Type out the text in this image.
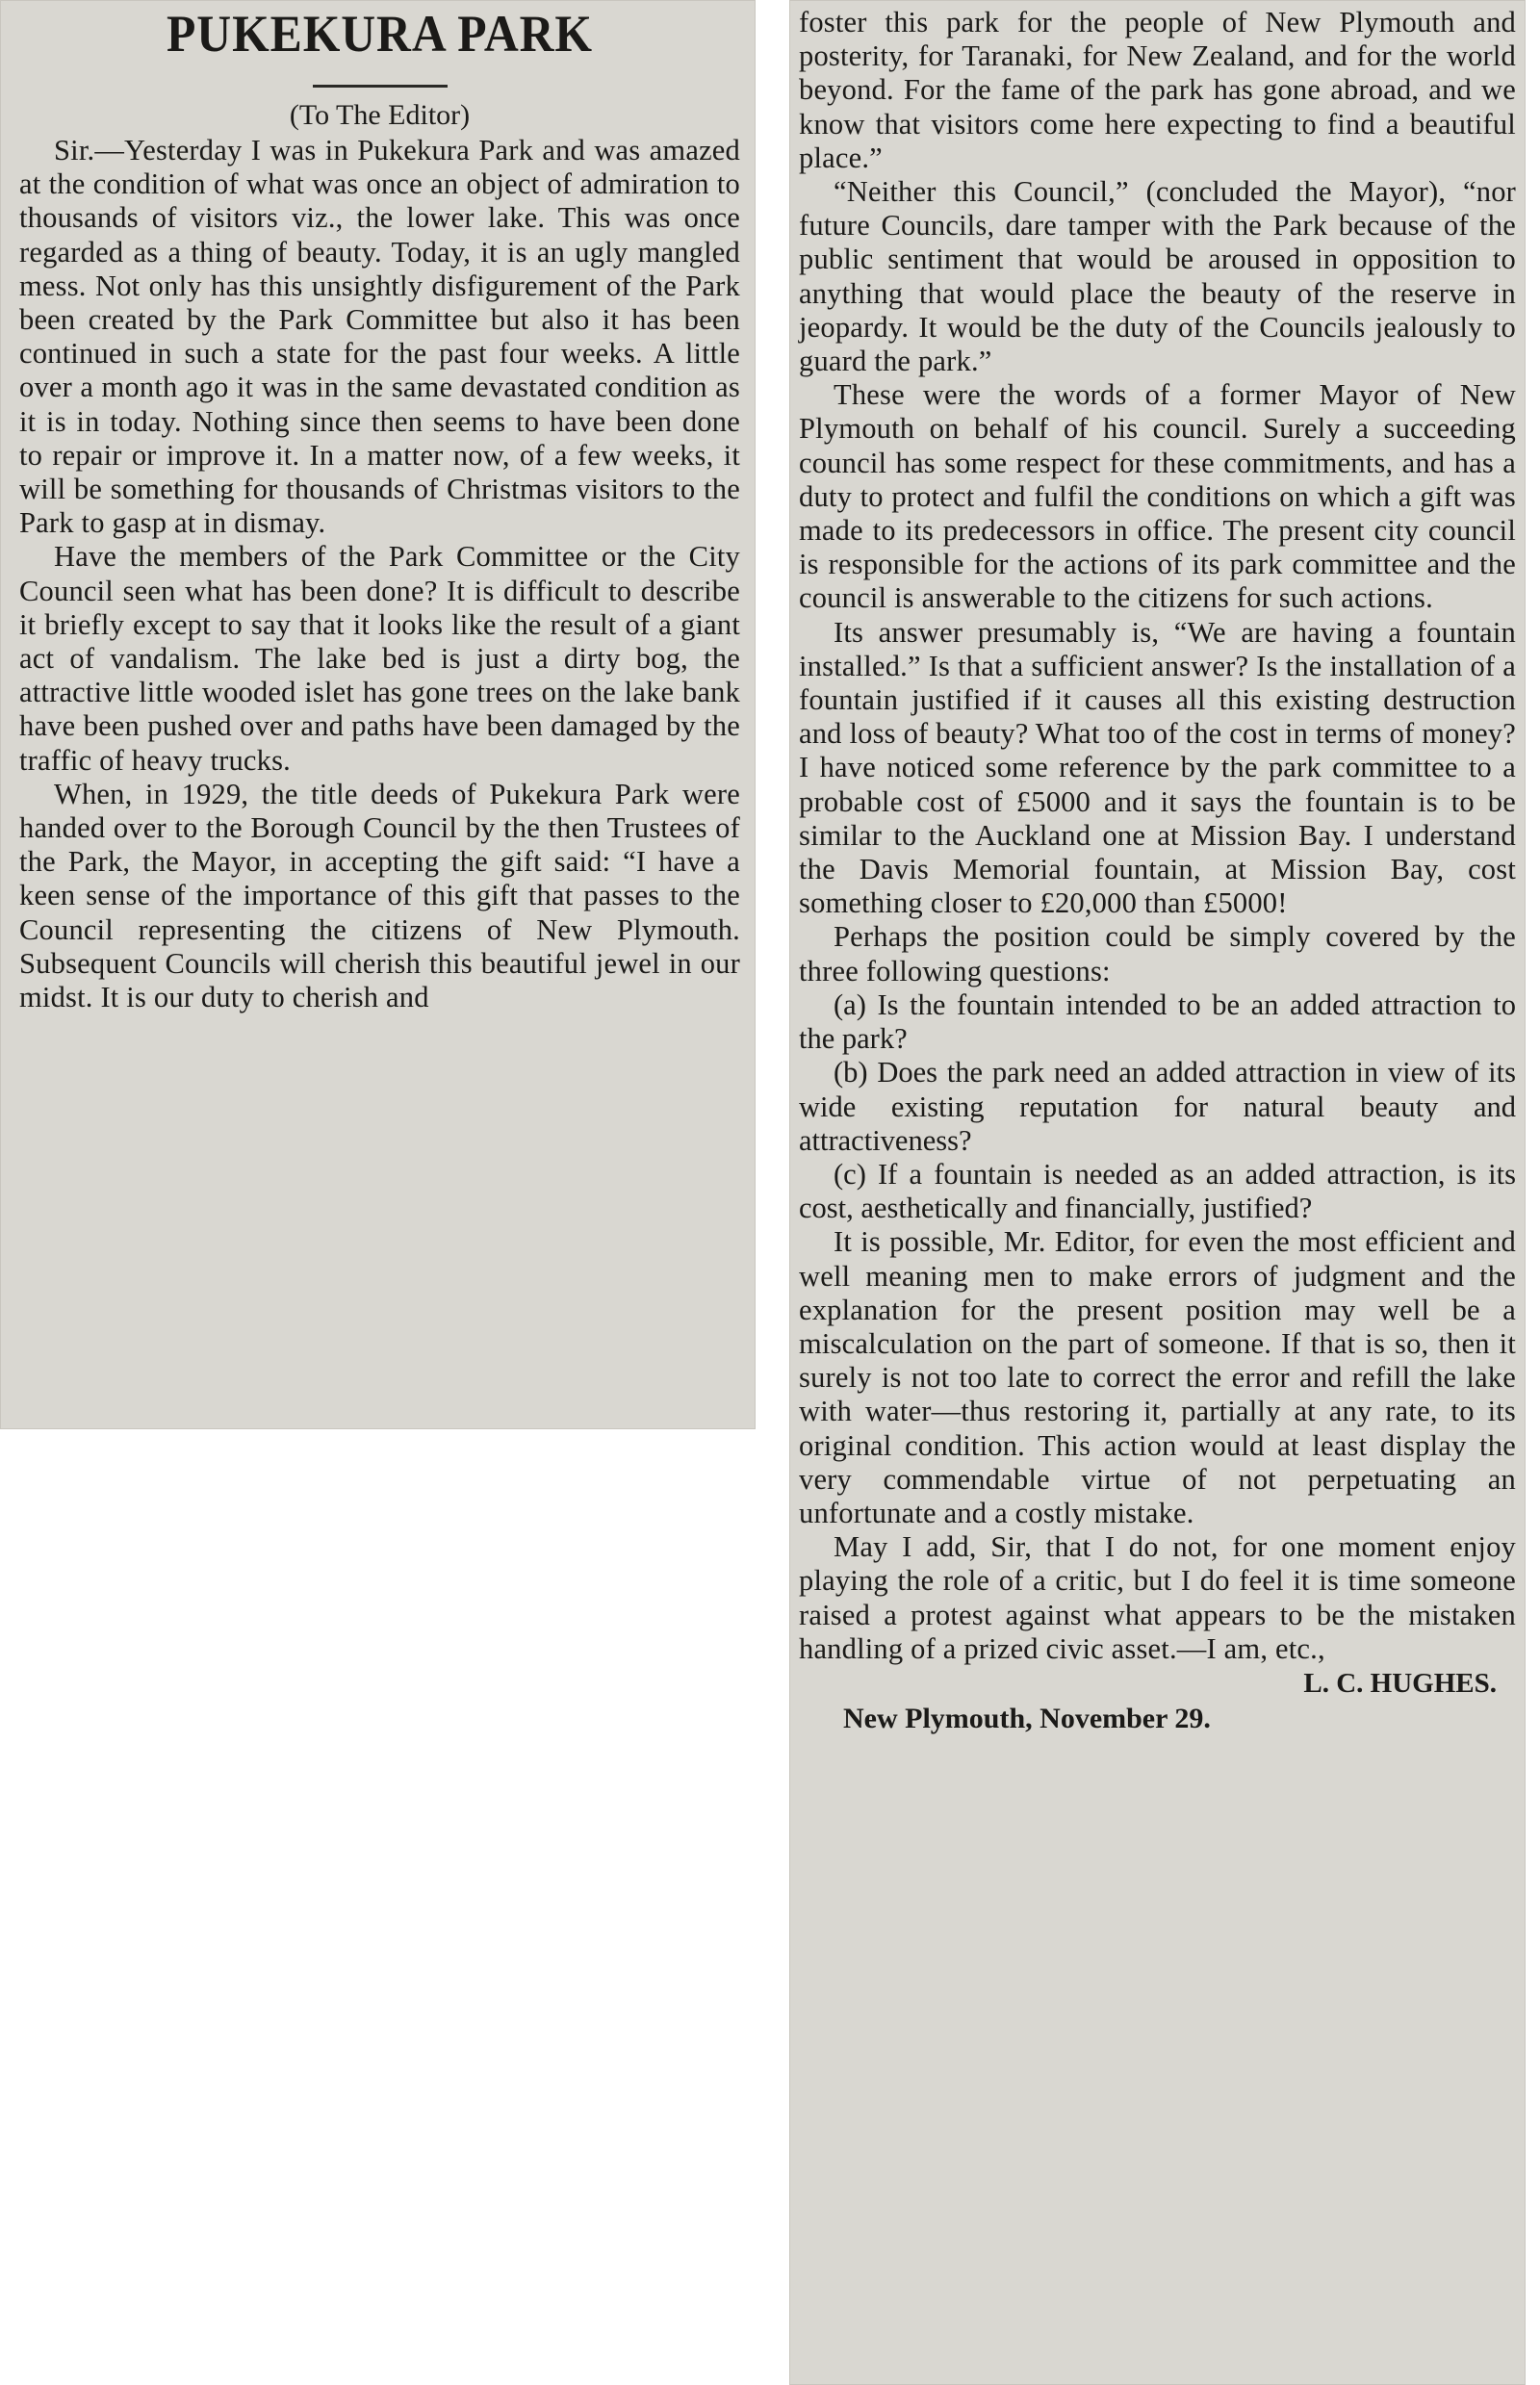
PUKEKURA PARK

(To The Editor)

Sir.—Yesterday I was in Pukekura Park and was amazed at the condition of what was once an object of admiration to thousands of visitors viz., the lower lake. This was once regarded as a thing of beauty. Today, it is an ugly mangled mess. Not only has this unsightly disfigurement of the Park been created by the Park Committee but also it has been continued in such a state for the past four weeks. A little over a month ago it was in the same devastated condition as it is in today. Nothing since then seems to have been done to repair or improve it. In a matter now, of a few weeks, it will be something for thousands of Christmas visitors to the Park to gasp at in dismay.

Have the members of the Park Committee or the City Council seen what has been done? It is difficult to describe it briefly except to say that it looks like the result of a giant act of vandalism. The lake bed is just a dirty bog, the attractive little wooded islet has gone trees on the lake bank have been pushed over and paths have been damaged by the traffic of heavy trucks.

When, in 1929, the title deeds of Pukekura Park were handed over to the Borough Council by the then Trustees of the Park, the Mayor, in accepting the gift said: “I have a keen sense of the importance of this gift that passes to the Council representing the citizens of New Plymouth. Subsequent Councils will cherish this beautiful jewel in our midst. It is our duty to cherish and

foster this park for the people of New Plymouth and posterity, for Taranaki, for New Zealand, and for the world beyond. For the fame of the park has gone abroad, and we know that visitors come here expecting to find a beautiful place.”

“Neither this Council,” (concluded the Mayor), “nor future Councils, dare tamper with the Park because of the public sentiment that would be aroused in opposition to anything that would place the beauty of the reserve in jeopardy. It would be the duty of the Councils jealously to guard the park.”

These were the words of a former Mayor of New Plymouth on behalf of his council. Surely a succeeding council has some respect for these commitments, and has a duty to protect and fulfil the conditions on which a gift was made to its predecessors in office. The present city council is responsible for the actions of its park committee and the council is answerable to the citizens for such actions.

Its answer presumably is, “We are having a fountain installed.” Is that a sufficient answer? Is the installation of a fountain justified if it causes all this existing destruction and loss of beauty? What too of the cost in terms of money? I have noticed some reference by the park committee to a probable cost of £5000 and it says the fountain is to be similar to the Auckland one at Mission Bay. I understand the Davis Memorial fountain, at Mission Bay, cost something closer to £20,000 than £5000!

Perhaps the position could be simply covered by the three following questions:

(a) Is the fountain intended to be an added attraction to the park?

(b) Does the park need an added attraction in view of its wide existing reputation for natural beauty and attractiveness?

(c) If a fountain is needed as an added attraction, is its cost, aesthetically and financially, justified?

It is possible, Mr. Editor, for even the most efficient and well meaning men to make errors of judgment and the explanation for the present position may well be a miscalculation on the part of someone. If that is so, then it surely is not too late to correct the error and refill the lake with water—thus restoring it, partially at any rate, to its original condition. This action would at least display the very commendable virtue of not perpetuating an unfortunate and a costly mistake.

May I add, Sir, that I do not, for one moment enjoy playing the role of a critic, but I do feel it is time someone raised a protest against what appears to be the mistaken handling of a prized civic asset.—I am, etc.,

L. C. HUGHES.

New Plymouth, November 29.
